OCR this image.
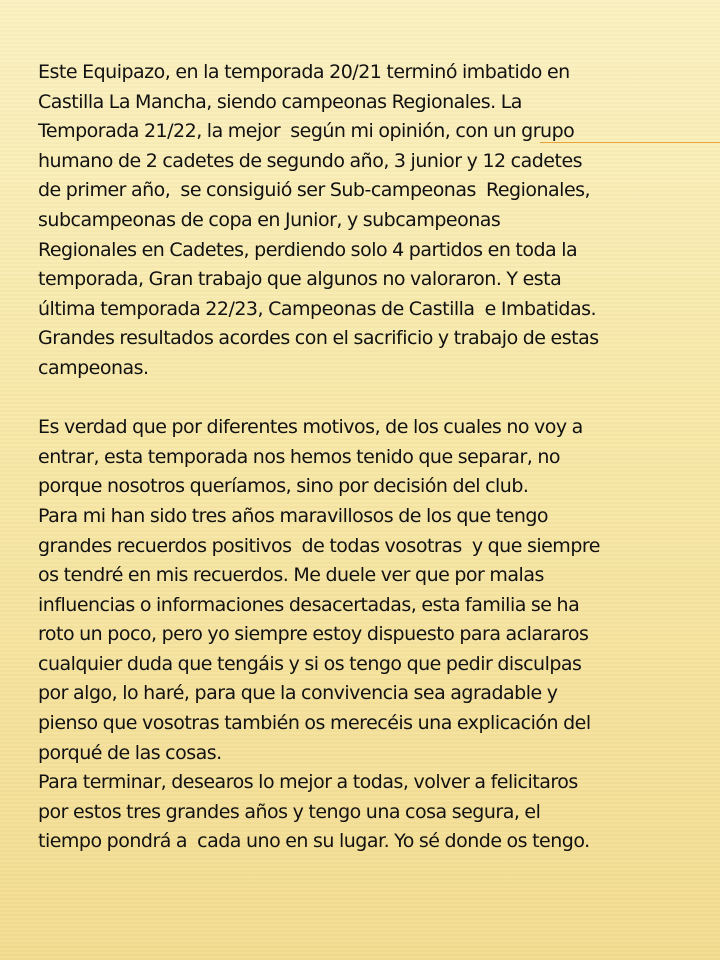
Este Equipazo, en la temporada 20/21 terminó imbatido en
Castilla La Mancha, siendo campeonas Regionales. La
Temporada 21/22, la mejor  según mi opinión, con un grupo
humano de 2 cadetes de segundo año, 3 junior y 12 cadetes
de primer año,  se consiguió ser Sub-campeonas  Regionales,
subcampeonas de copa en Junior, y subcampeonas
Regionales en Cadetes, perdiendo solo 4 partidos en toda la
temporada, Gran trabajo que algunos no valoraron. Y esta
última temporada 22/23, Campeonas de Castilla  e Imbatidas.
Grandes resultados acordes con el sacrificio y trabajo de estas
campeonas.
Es verdad que por diferentes motivos, de los cuales no voy a
entrar, esta temporada nos hemos tenido que separar, no
porque nosotros queríamos, sino por decisión del club.
Para mi han sido tres años maravillosos de los que tengo
grandes recuerdos positivos  de todas vosotras  y que siempre
os tendré en mis recuerdos. Me duele ver que por malas
influencias o informaciones desacertadas, esta familia se ha
roto un poco, pero yo siempre estoy dispuesto para aclararos
cualquier duda que tengáis y si os tengo que pedir disculpas
por algo, lo haré, para que la convivencia sea agradable y
pienso que vosotras también os merecéis una explicación del
porqué de las cosas.
Para terminar, desearos lo mejor a todas, volver a felicitaros
por estos tres grandes años y tengo una cosa segura, el
tiempo pondrá a  cada uno en su lugar. Yo sé donde os tengo.
